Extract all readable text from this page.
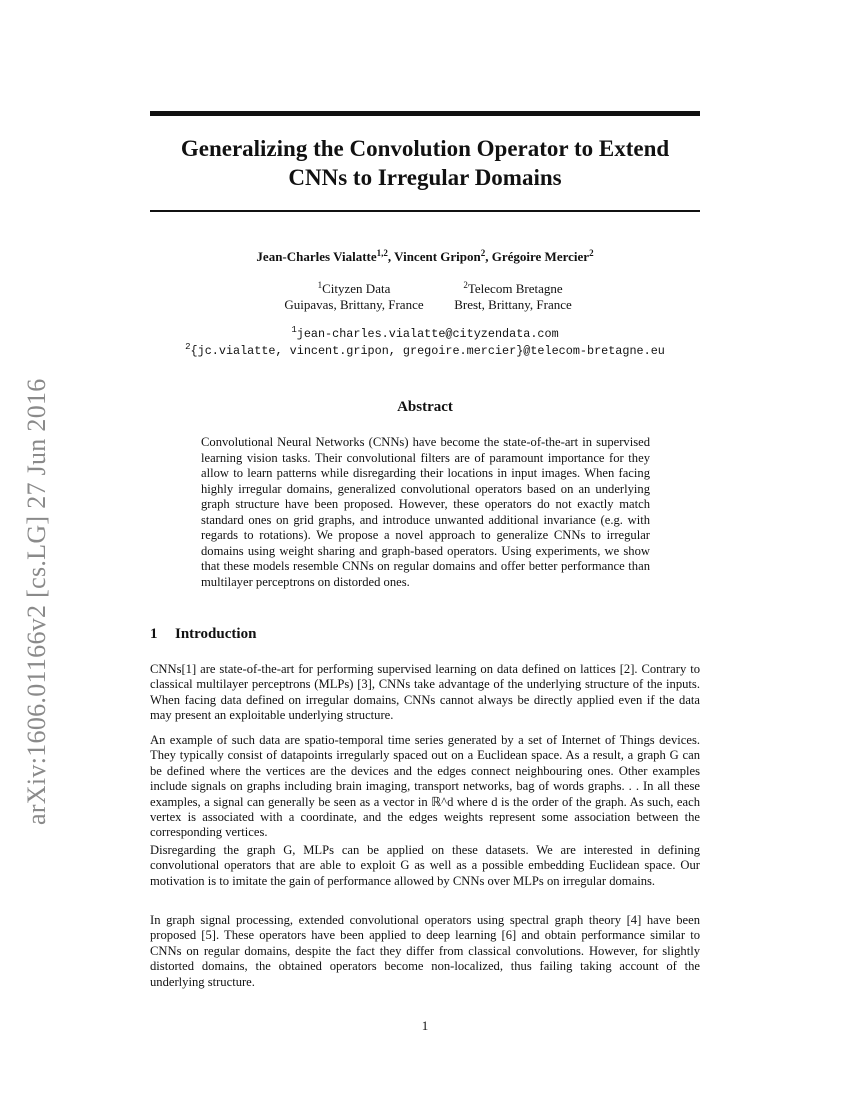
arXiv:1606.01166v2 [cs.LG] 27 Jun 2016
Generalizing the Convolution Operator to Extend
CNNs to Irregular Domains
Jean-Charles Vialatte$^{1,2}$, Vincent Gripon$^2$, Grégoire Mercier$^2$
$^1$Cityzen Data
Guipavas, Brittany, France
$^2$Telecom Bretagne
Brest, Brittany, France
$^1$jean-charles.vialatte@cityzendata.com
$^2${jc.vialatte, vincent.gripon, gregoire.mercier}@telecom-bretagne.eu
Abstract

Convolutional Neural Networks (CNNs) have become the state-of-the-art in supervised learning vision tasks. Their convolutional filters are of paramount importance for they allow to learn patterns while disregarding their locations in input images. When facing highly irregular domains, generalized convolutional operators based on an underlying graph structure have been proposed. However, these operators do not exactly match standard ones on grid graphs, and introduce unwanted additional invariance (e.g. with regards to rotations). We propose a novel approach to generalize CNNs to irregular domains using weight sharing and graph-based operators. Using experiments, we show that these models resemble CNNs on regular domains and offer better performance than multilayer perceptrons on distorded ones.

1 Introduction

CNNs[1] are state-of-the-art for performing supervised learning on data defined on lattices [2]. Contrary to classical multilayer perceptrons (MLPs) [3], CNNs take advantage of the underlying structure of the inputs. When facing data defined on irregular domains, CNNs cannot always be directly applied even if the data may present an exploitable underlying structure.

An example of such data are spatio-temporal time series generated by a set of Internet of Things devices. They typically consist of datapoints irregularly spaced out on a Euclidean space. As a result, a graph G can be defined where the vertices are the devices and the edges connect neighbouring ones. Other examples include signals on graphs including brain imaging, transport networks, bag of words graphs. . . In all these examples, a signal can generally be seen as a vector in ℝ^d where d is the order of the graph. As such, each vertex is associated with a coordinate, and the edges weights represent some association between the corresponding vertices.

Disregarding the graph G, MLPs can be applied on these datasets. We are interested in defining convolutional operators that are able to exploit G as well as a possible embedding Euclidean space. Our motivation is to imitate the gain of performance allowed by CNNs over MLPs on irregular domains.

In graph signal processing, extended convolutional operators using spectral graph theory [4] have been proposed [5]. These operators have been applied to deep learning [6] and obtain performance similar to CNNs on regular domains, despite the fact they differ from classical convolutions. However, for slightly distorted domains, the obtained operators become non-localized, thus failing taking account of the underlying structure.

1
